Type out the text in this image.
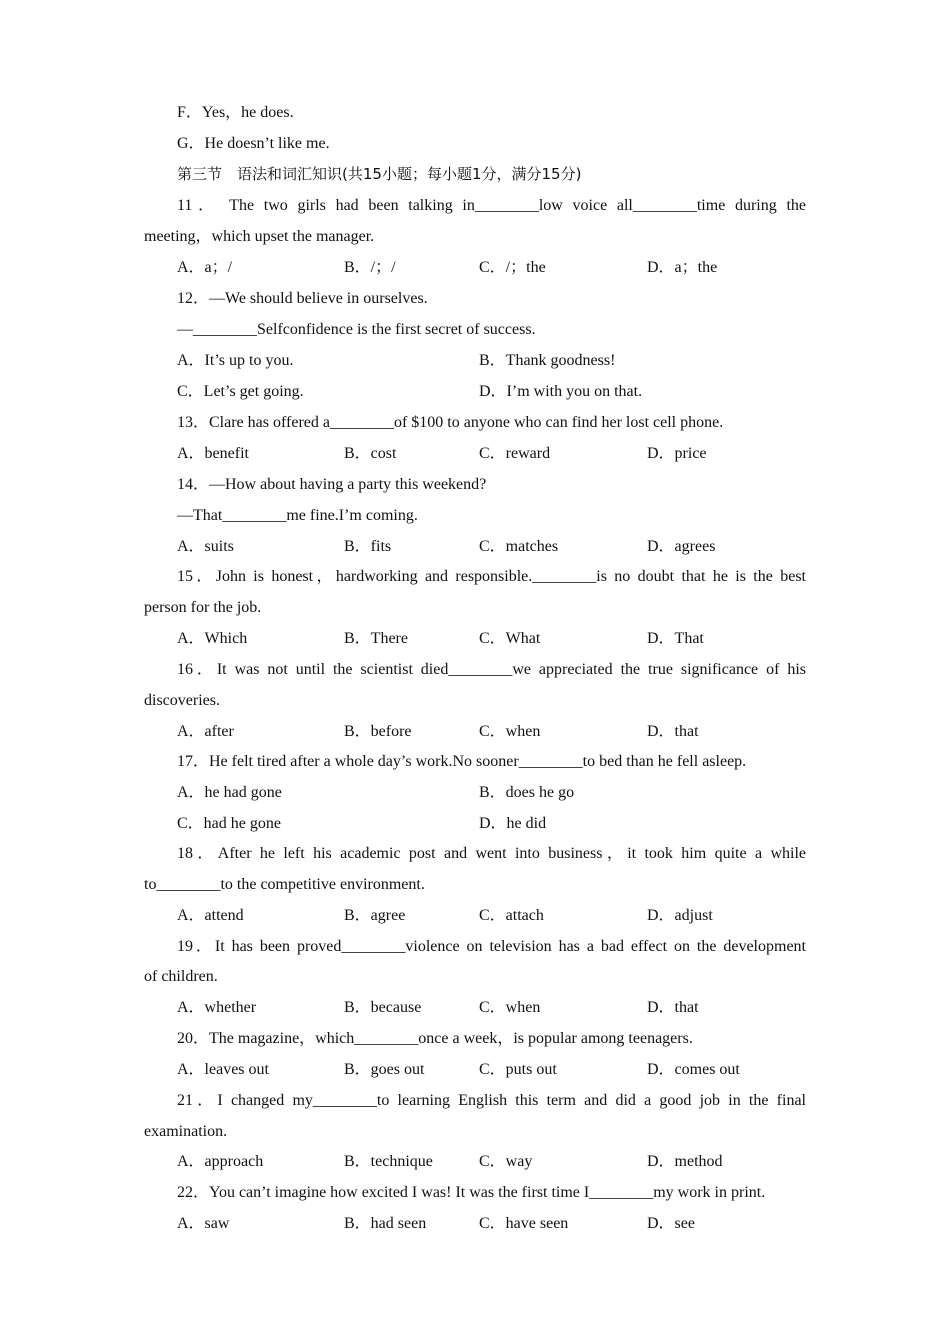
F．Yes，he does.
G．He doesn’t like me.
第三节　语法和词汇知识(共15小题；每小题1分，满分15分)
11． The two girls had been talking in________low voice all________time during the
meeting，which upset the manager.
A．a；/	B．/；/	C．/；the	D．a；the
12．—We should believe in ourselves.
—________Selfconfidence is the first secret of success.
A．It’s up to you.	B．Thank goodness!
C．Let’s get going.	D．I’m with you on that.
13．Clare has offered a________of $100 to anyone who can find her lost cell phone.
A．benefit	B．cost	C．reward	D．price
14．—How about having a party this weekend?
—That________me fine.I’m coming.
A．suits	B．fits	C．matches	D．agrees
15．John is honest，hardworking and responsible.________is no doubt that he is the best
person for the job.
A．Which	B．There	C．What	D．That
16．It was not until the scientist died________we appreciated the true significance of his
discoveries.
A．after	B．before	C．when	D．that
17．He felt tired after a whole day’s work.No sooner________to bed than he fell asleep.
A．he had gone	B．does he go
C．had he gone	D．he did
18．After he left his academic post and went into business，it took him quite a while
to________to the competitive environment.
A．attend	B．agree	C．attach	D．adjust
19．It has been proved________violence on television has a bad effect on the development
of children.
A．whether	B．because	C．when	D．that
20．The magazine，which________once a week，is popular among teenagers.
A．leaves out	B．goes out	C．puts out	D．comes out
21．I changed my________to learning English this term and did a good job in the final
examination.
A．approach	B．technique	C．way	D．method
22．You can’t imagine how excited I was! It was the first time I________my work in print.
A．saw	B．had seen	C．have seen	D．see
